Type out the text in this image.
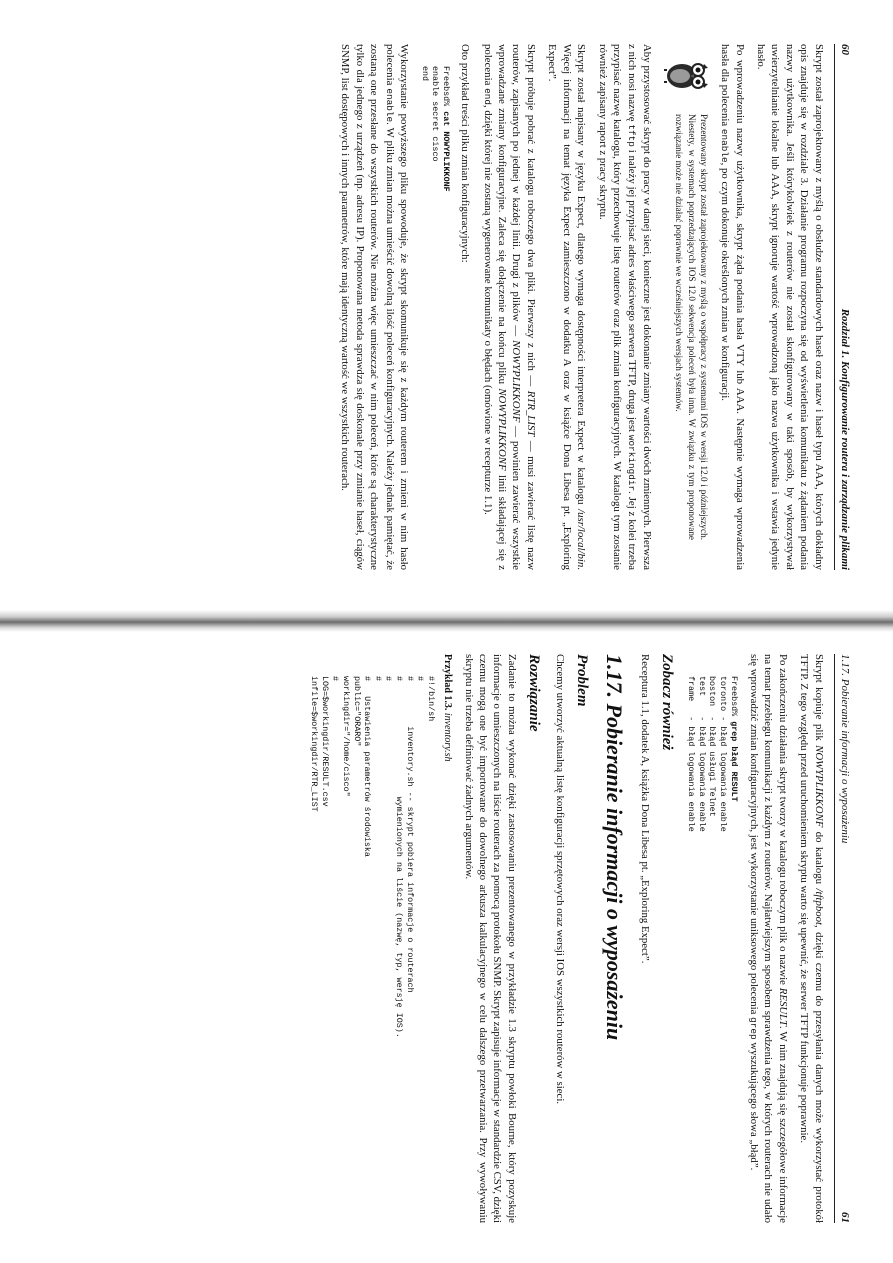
60
Rozdział 1. Konfigurowanie routera i zarządzanie plikami

Skrypt został zaprojektowany z myślą o obsłudze standardowych haseł oraz nazw i haseł typu AAA, których dokładny opis znajduje się w rozdziale 3. Działanie programu rozpoczyna się od wyświetlenia komunikatu z żądaniem podania nazwy użytkownika. Jeśli którykolwiek z routerów nie został skonfigurowany w taki sposób, by wykorzystywał uwierzytelnianie lokalne lub AAA, skrypt ignoruje wartość wprowadzoną jako nazwa użytkownika i wstawia jedynie hasło.

Po wprowadzeniu nazwy użytkownika, skrypt żąda podania hasła VTY lub AAA. Następnie wymaga wprowadzenia hasła dla polecenia enable, po czym dokonuje określonych zmian w konfiguracji.

Prezentowany skrypt został zaprojektowany z myślą o współpracy z systemami IOS w wersji 12.0 i późniejszych. Niestety, w systemach poprzedzających IOS 12.0 sekwencja poleceń była inna. W związku z tym proponowane rozwiązanie może nie działać poprawnie we wcześniejszych wersjach systemów.

Aby przystosować skrypt do pracy w danej sieci, konieczne jest dokonanie zmiany wartości dwóch zmiennych. Pierwsza z nich nosi nazwę tftp i należy jej przypisać adres właściwego serwera TFTP, druga jest workingdir. Jej z kolei trzeba przypisać nazwę katalogu, który przechowuje listę routerów oraz plik zmian konfiguracyjnych. W katalogu tym zostanie również zapisany raport z pracy skryptu.

Skrypt został napisany w języku Expect, dlatego wymaga dostępności interpretera Expect w katalogu /usr/local/bin. Więcej informacji na temat języka Expect zamieszczono w dodatku A oraz w książce Dona Libesa pt. „Exploring Expect”.

Skrypt próbuje pobrać z katalogu roboczego dwa pliki. Pierwszy z nich — RTR_LIST — musi zawierać listę nazw routerów, zapisanych po jednej w każdej linii. Drugi z plików — NOWYPLIKKONF — powinien zawierać wszystkie wprowadzane zmiany konfiguracyjne. Zaleca się dołączenie na końcu pliku NOWYPLIKKONF linii składającej się z polecenia end, dzięki której nie zostaną wygenerowane komunikaty o błędach (omówione w recepturze 1.1).

Oto przykład treści pliku zmian konfiguracyjnych:

Freebsd% cat NOWYPLIKKONF
enable secret cisco
end

Wykorzystanie powyższego pliku spowoduje, że skrypt skomunikuje się z każdym routerem i zmieni w nim hasło polecenia enable. W pliku zmian można umieścić dowolną ilość poleceń konfiguracyjnych. Należy jednak pamiętać, że zostaną one przesłane do wszystkich routerów. Nie można więc umieszczać w nim poleceń, które są charakterystyczne tylko dla jednego z urządzeń (np. adresu IP). Proponowana metoda sprawdza się doskonale przy zmianie haseł, ciągów SNMP, list dostępowych i innych parametrów, które mają identyczną wartość we wszystkich routerach.

1.17. Pobieranie informacji o wyposażeniu
61

Skrypt kopiuje plik NOWYPLIKKONF do katalogu /tftpboot, dzięki czemu do przesyłania danych może wykorzystać protokół TFTP. Z tego względu przed uruchomieniem skryptu warto się upewnić, że serwer TFTP funkcjonuje poprawnie.

Po zakończeniu działania skrypt tworzy w katalogu roboczym plik o nazwie RESULT. W nim znajdują się szczegółowe informacje na temat przebiegu komunikacji z każdym z routerów. Najłatwiejszym sposobem sprawdzenia tego, w których routerach nie udało się wprowadzić zmian konfiguracyjnych, jest wykorzystanie uniksowego polecenia grep wyszukującego słowa „błąd”.

Freebsd% grep błąd RESULT
toronto - błąd logowania enable
boston  - błąd usługi Telnet
test    - błąd logowania enable
frame   - błąd logowania enable
Zobacz również

Receptura 1.1, dodatek A, książka Dona Libesa pt. „Exploring Expect”.

1.17. Pobieranie informacji o wyposażeniu
Problem

Chcemy utworzyć aktualną listę konfiguracji sprzętowych oraz wersji IOS wszystkich routerów w sieci.

Rozwiązanie

Zadanie to można wykonać dzięki zastosowaniu prezentowanego w przykładzie 1.3 skryptu powłoki Bourne, który pozyskuje informacje o umieszczonych na liście routerach za pomocą protokołu SNMP. Skrypt zapisuje informacje w standardzie CSV, dzięki czemu mogą one być importowane do dowolnego arkusza kalkulacyjnego w celu dalszego przetwarzania. Przy wywoływaniu skryptu nie trzeba definiować żadnych argumentów.

Przykład 1.3. inventory.sh
#!/bin/sh
#
#         inventory.sh -- skrypt pobiera informacje o routerach
#                       wymienionych na liście (nazwę, typ, wersję IOS).
#
#
#   Ustawienia parametrów środowiska
public="ORARO"
workingdir="/home/cisco"
#
LOG=$workingdir/RESULT.csv
infile=$workingdir/RTR_LIST
